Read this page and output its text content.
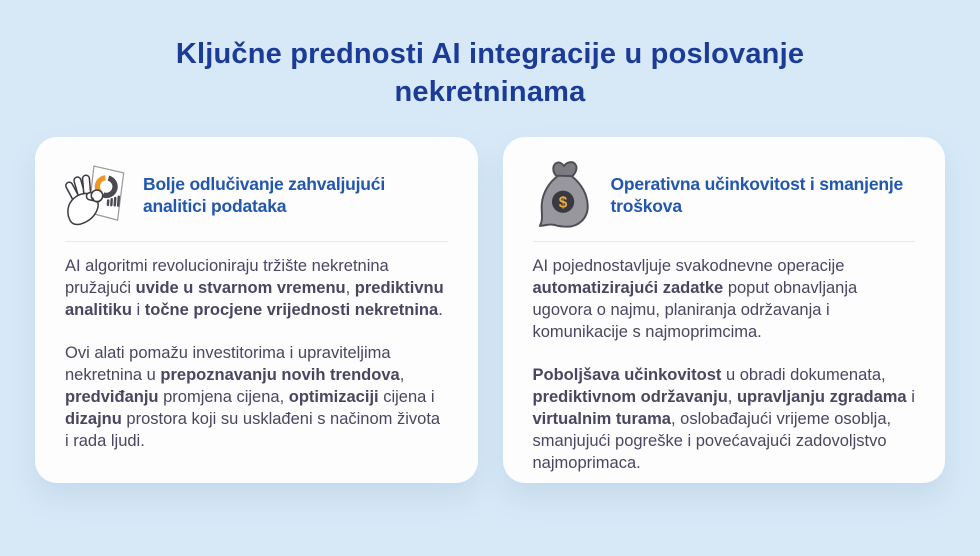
Ključne prednosti AI integracije u poslovanje nekretninama
Bolje odlučivanje zahvaljujući analitici podataka

AI algoritmi revolucioniraju tržište nekretnina pružajući uvide u stvarnom vremenu, prediktivnu analitiku i točne procjene vrijednosti nekretnina.

Ovi alati pomažu investitorima i upraviteljima nekretnina u prepoznavanju novih trendova, predviđanju promjena cijena, optimizaciji cijena i dizajnu prostora koji su usklađeni s načinom života i rada ljudi.

$
Operativna učinkovitost i smanjenje troškova

AI pojednostavljuje svakodnevne operacije automatizirajući zadatke poput obnavljanja ugovora o najmu, planiranja održavanja i komunikacije s najmoprimcima.

Poboljšava učinkovitost u obradi dokumenata, prediktivnom održavanju, upravljanju zgradama i virtualnim turama, oslobađajući vrijeme osoblja, smanjujući pogreške i povećavajući zadovoljstvo najmoprimaca.
